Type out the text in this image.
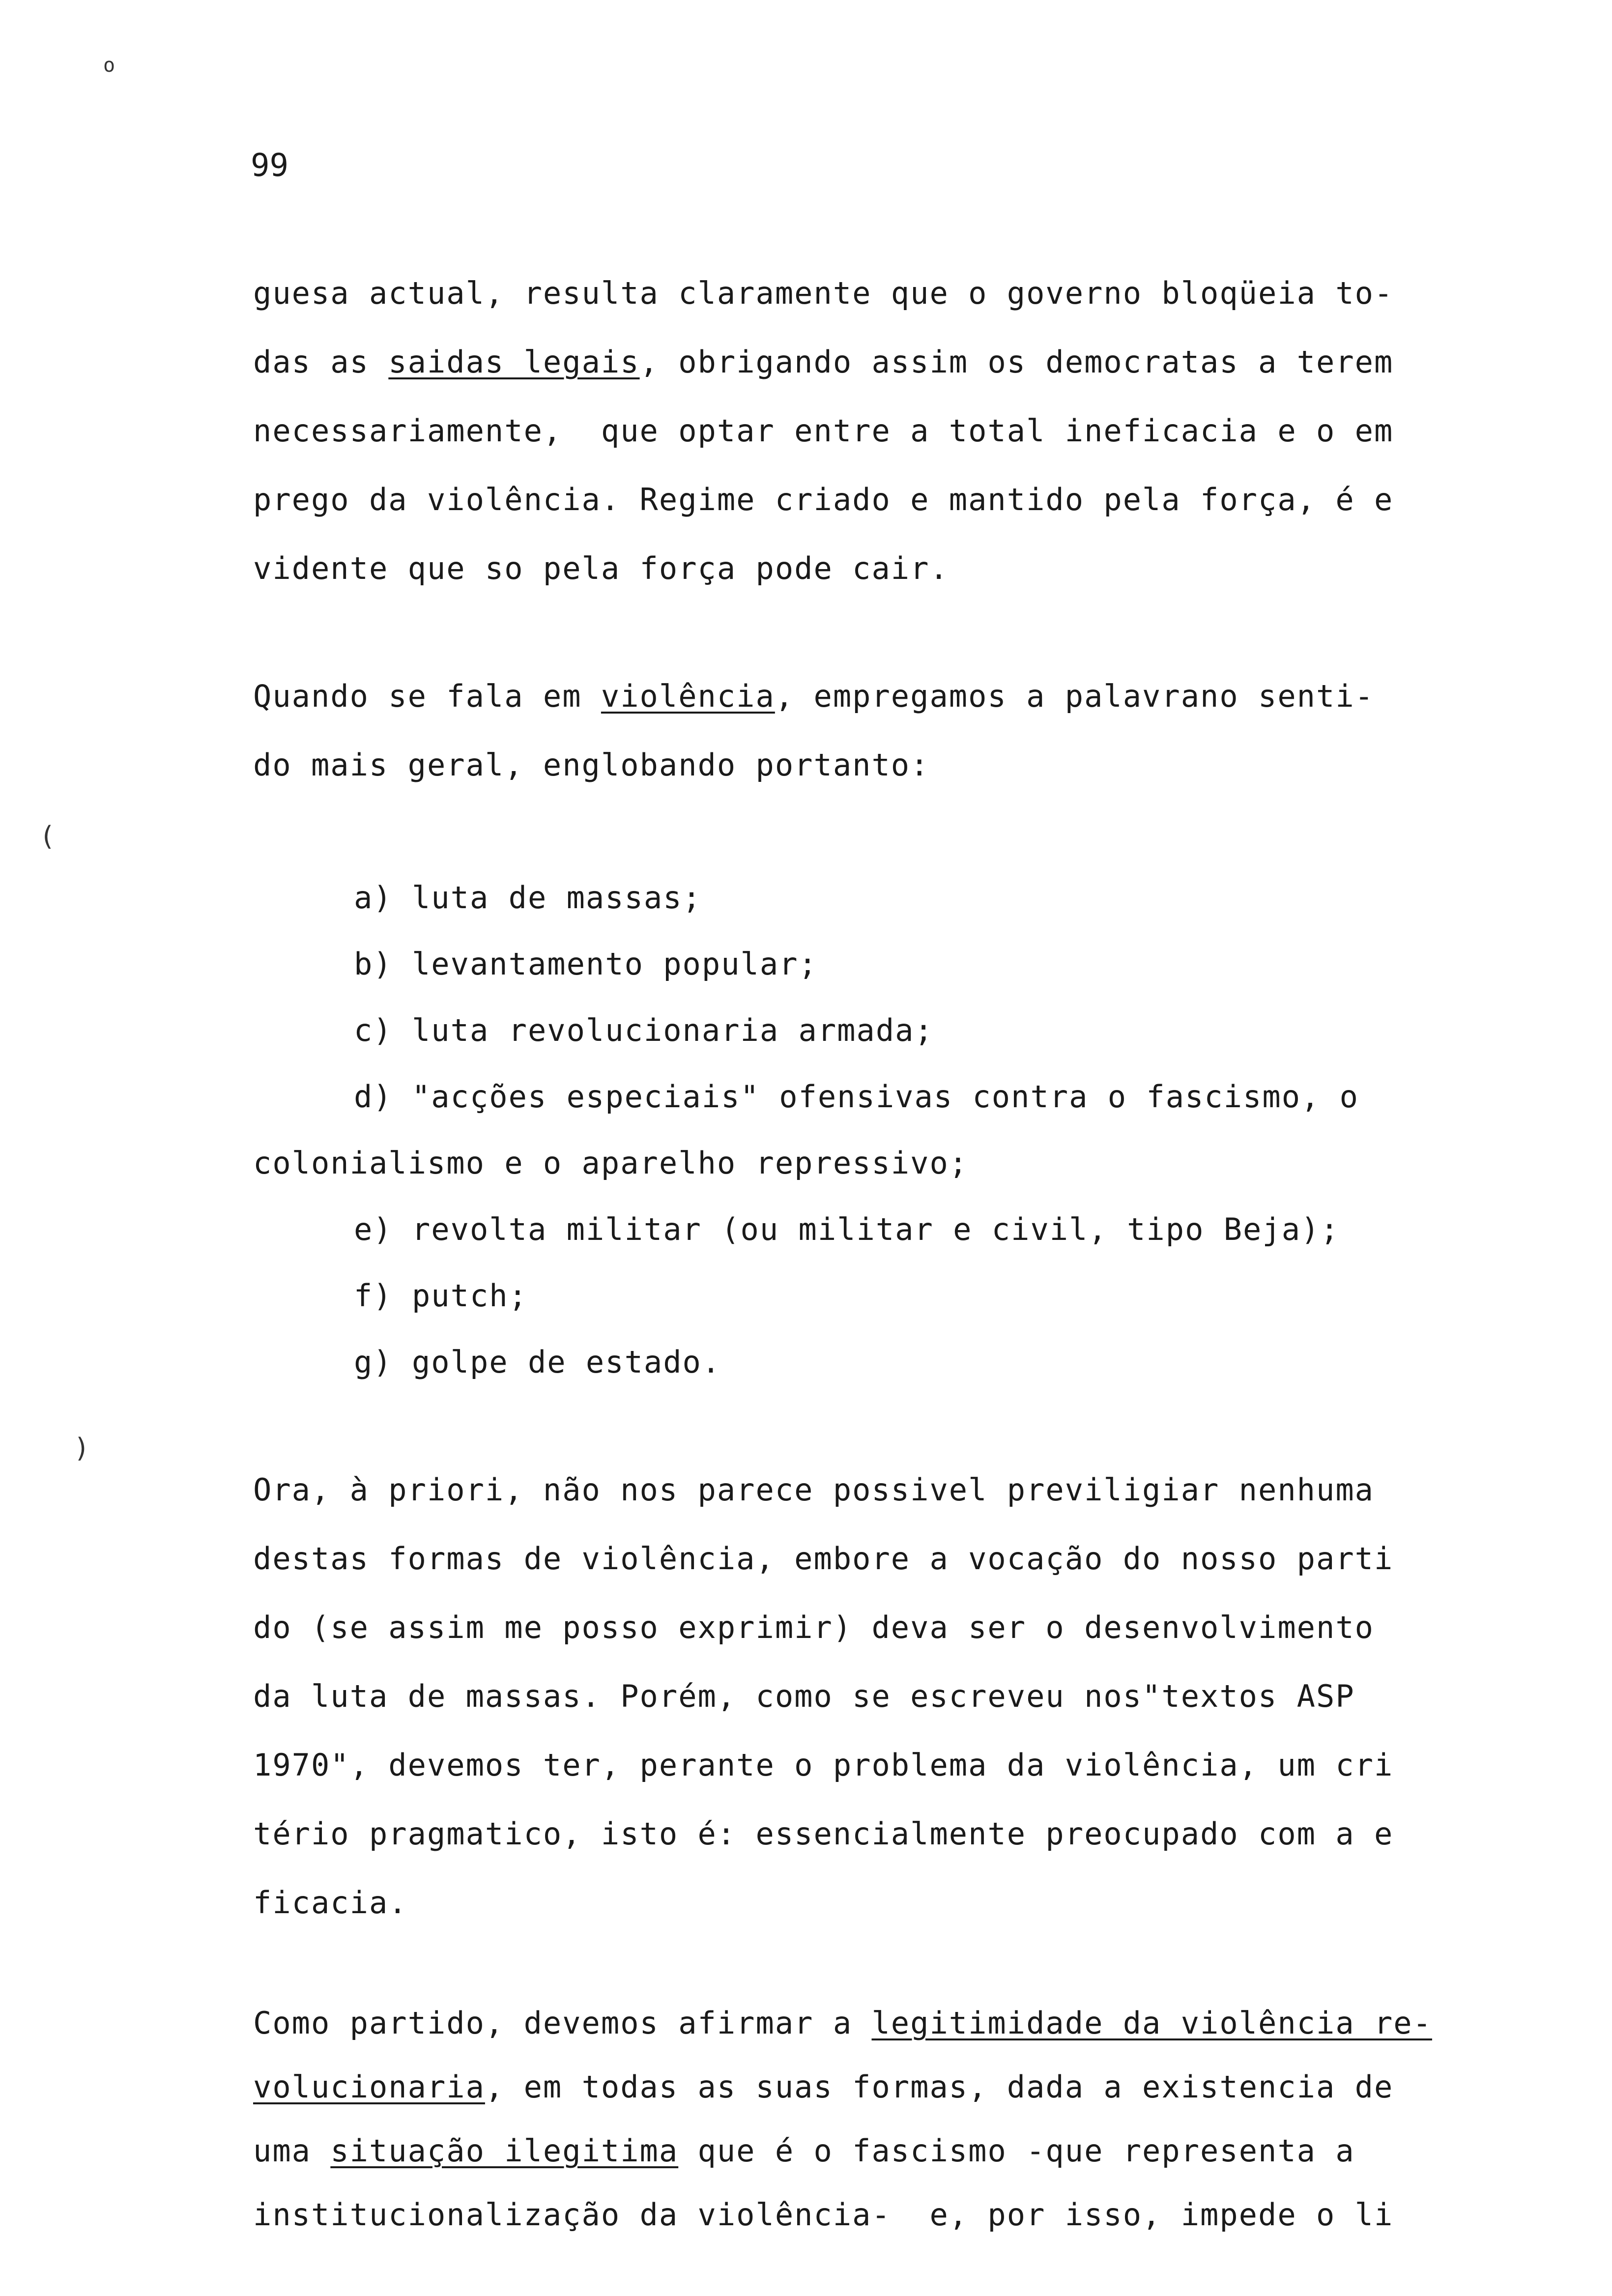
o
(
)
99
guesa actual, resulta claramente que o governo bloqüeia to-
das as saidas legais, obrigando assim os democratas a terem
necessariamente,  que optar entre a total ineficacia e o em
prego da violência. Regime criado e mantido pela força, é e
vidente que so pela força pode cair.
Quando se fala em violência, empregamos a palavrano senti-
do mais geral, englobando portanto:
a) luta de massas;
b) levantamento popular;
c) luta revolucionaria armada;
d) "acções especiais" ofensivas contra o fascismo, o
colonialismo e o aparelho repressivo;
e) revolta militar (ou militar e civil, tipo Beja);
f) putch;
g) golpe de estado.
Ora, à priori, não nos parece possivel previligiar nenhuma
destas formas de violência, embore a vocação do nosso parti
do (se assim me posso exprimir) deva ser o desenvolvimento
da luta de massas. Porém, como se escreveu nos"textos ASP
1970", devemos ter, perante o problema da violência, um cri
tério pragmatico, isto é: essencialmente preocupado com a e
ficacia.
Como partido, devemos afirmar a legitimidade da violência re-
volucionaria, em todas as suas formas, dada a existencia de
uma situação ilegitima que é o fascismo -que representa a
institucionalização da violência-  e, por isso, impede o li
